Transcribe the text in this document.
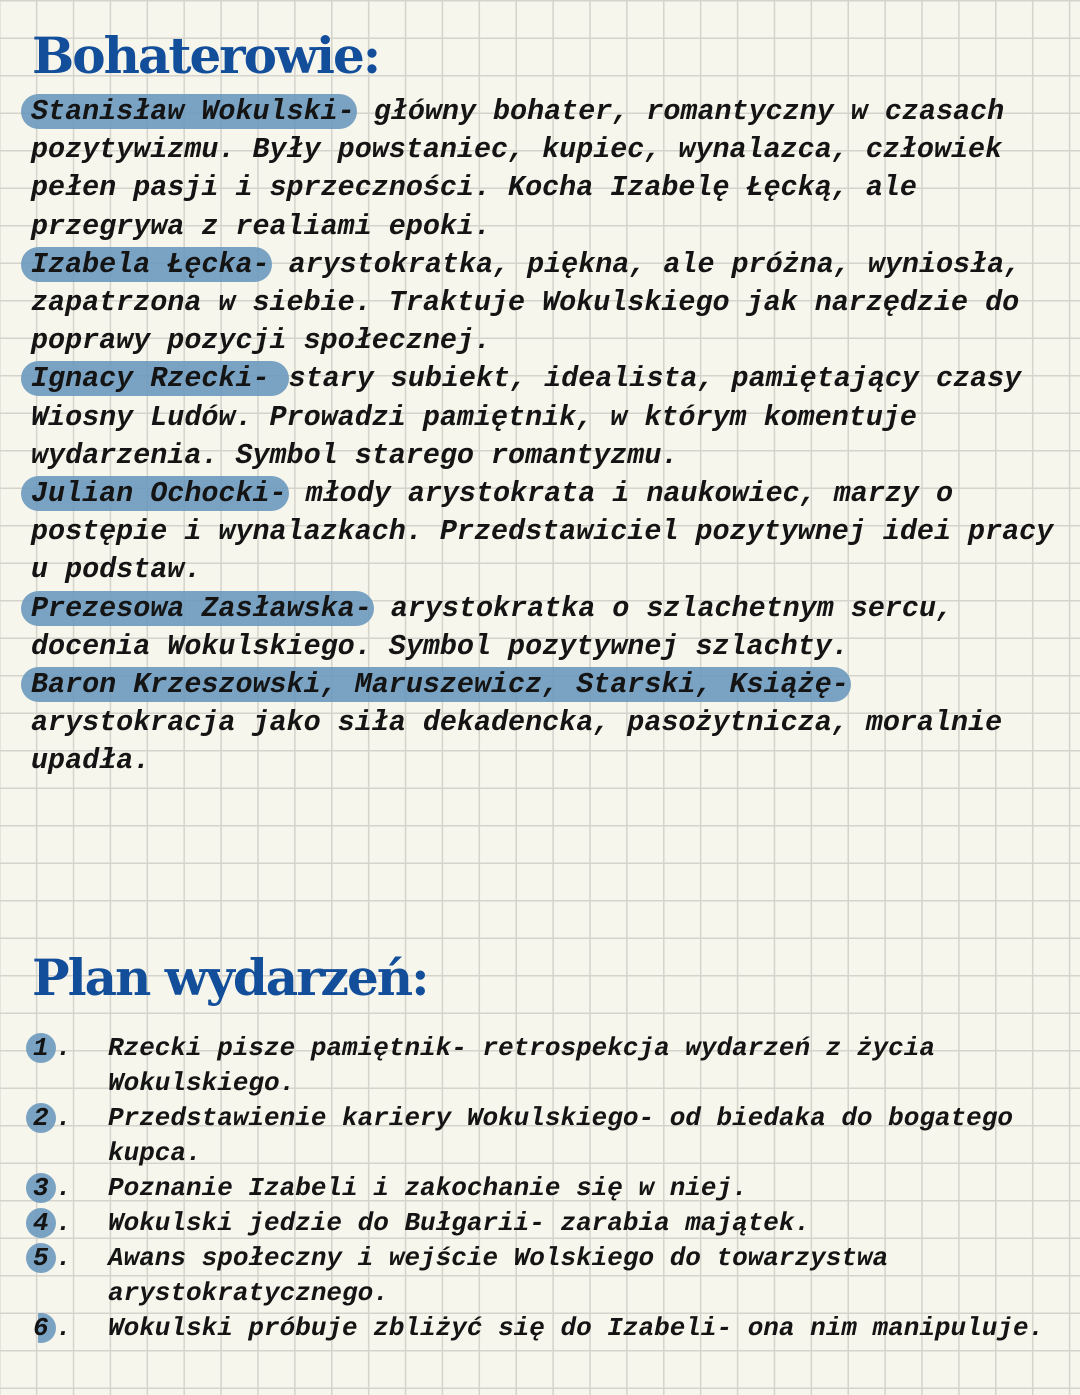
Bohaterowie:

Stanisław Wokulski- główny bohater, romantyczny w czasach pozytywizmu. Były powstaniec, kupiec, wynalazca, człowiek pełen pasji i sprzeczności. Kocha Izabelę Łęcką, ale przegrywa z realiami epoki.

Izabela Łęcka- arystokratka, piękna, ale próżna, wyniosła, zapatrzona w siebie. Traktuje Wokulskiego jak narzędzie do poprawy pozycji społecznej.

Ignacy Rzecki- stary subiekt, idealista, pamiętający czasy Wiosny Ludów. Prowadzi pamiętnik, w którym komentuje wydarzenia. Symbol starego romantyzmu.

Julian Ochocki- młody arystokrata i naukowiec, marzy o postępie i wynalazkach. Przedstawiciel pozytywnej idei pracy u podstaw.

Prezesowa Zasławska- arystokratka o szlachetnym sercu, docenia Wokulskiego. Symbol pozytywnej szlachty.

Baron Krzeszowski, Maruszewicz, Starski, Książę- arystokracja jako siła dekadencka, pasożytnicza, moralnie upadła.

Plan wydarzeń:
1 . Rzecki pisze pamiętnik- retrospekcja wydarzeń z życia Wokulskiego.
2 . Przedstawienie kariery Wokulskiego- od biedaka do bogatego kupca.
3 . Poznanie Izabeli i zakochanie się w niej.
4 . Wokulski jedzie do Bułgarii- zarabia majątek.
5 . Awans społeczny i wejście Wolskiego do towarzystwa arystokratycznego.
6 . Wokulski próbuje zbliżyć się do Izabeli- ona nim manipuluje.
